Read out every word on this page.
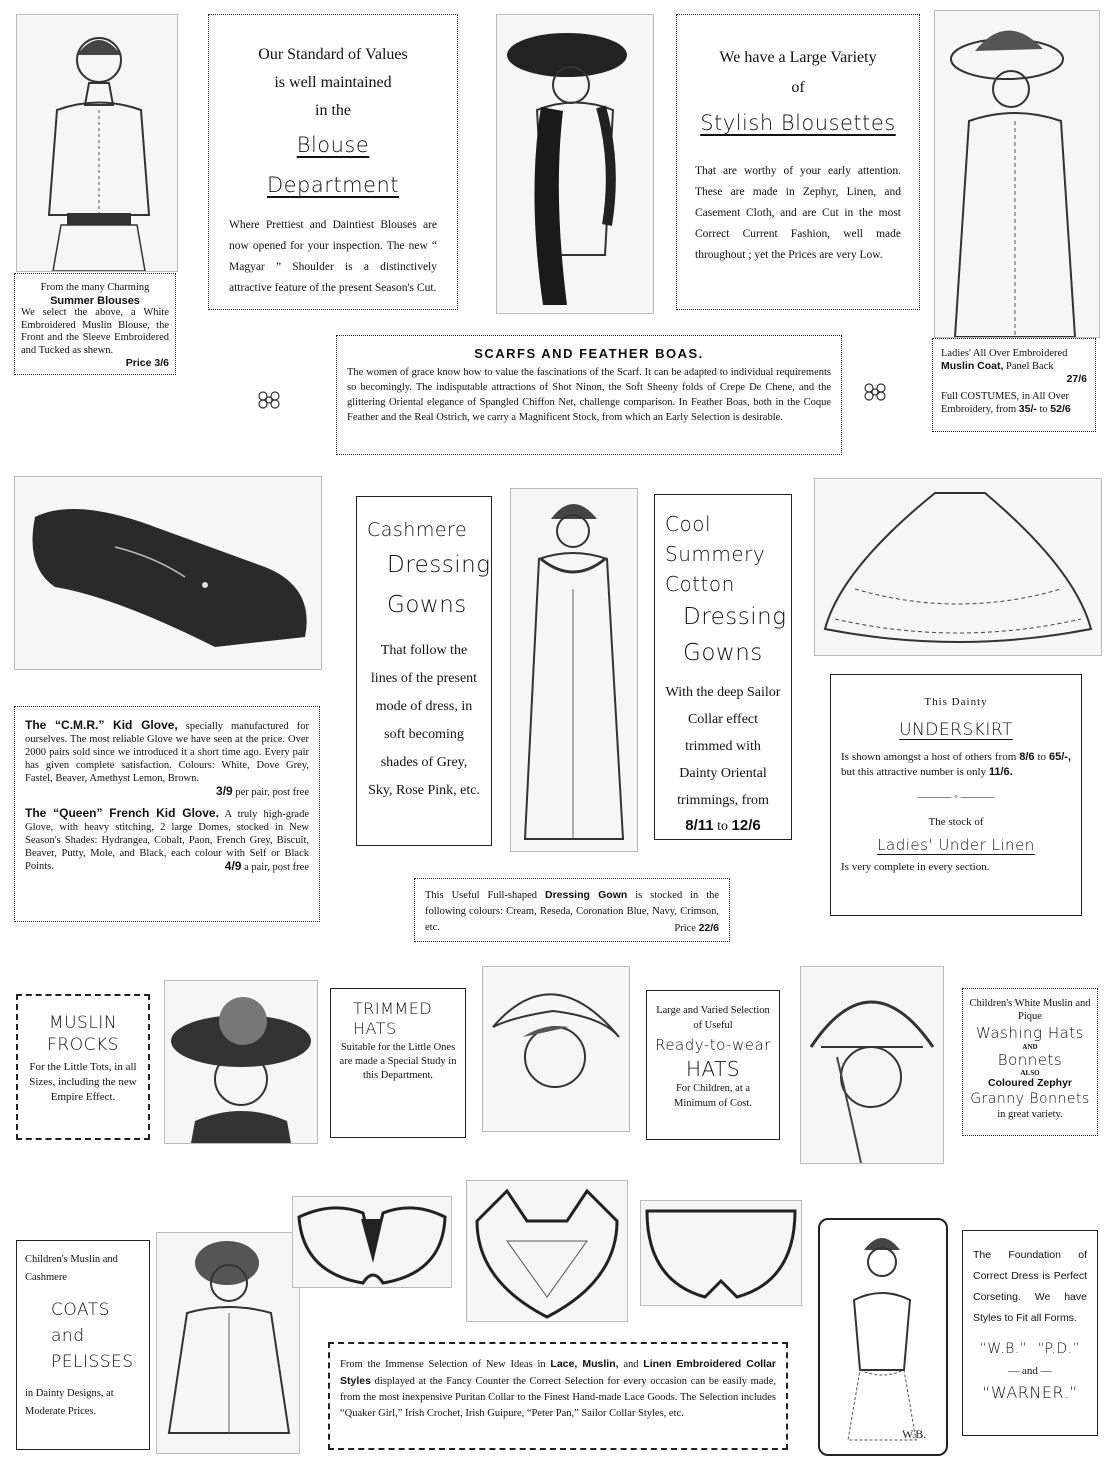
From the many Charming

Summer Blouses

We select the above, a White Embroidered Muslin Blouse, the Front and the Sleeve Embroidered and Tucked as shewn.

Price 3/6

Our Standard of Values

is well maintained

in the

Blouse Department

Where Prettiest and Daintiest Blouses are now opened for your inspection. The new “ Magyar ” Shoulder is a distinctively attractive feature of the present Season's Cut.

We have a Large Variety

of

Stylish Blousettes

That are worthy of your early attention. These are made in Zephyr, Linen, and Casement Cloth, and are Cut in the most Correct Current Fashion, well made throughout ; yet the Prices are very Low.

Ladies' All Over Embroidered

Muslin Coat, Panel Back

27/6

Full COSTUMES, in All Over Embroidery, from 35/- to 52/6

SCARFS AND FEATHER BOAS.

The women of grace know how to value the fascinations of the Scarf. It can be adapted to individual requirements so becomingly. The indisputable attractions of Shot Ninon, the Soft Sheeny folds of Crepe De Chene, and the glittering Oriental elegance of Spangled Chiffon Net, challenge comparison. In Feather Boas, both in the Coque Feather and the Real Ostrich, we carry a Magnificent Stock, from which an Early Selection is desirable.

The “C.M.R.” Kid Glove, specially manufactured for ourselves. The most reliable Glove we have seen at the price. Over 2000 pairs sold since we introduced it a short time ago. Every pair has given complete satisfaction. Colours: White, Dove Grey, Fastel, Beaver, Amethyst Lemon, Brown.

3/9 per pair, post free

The “Queen” French Kid Glove. A truly high-grade Glove, with heavy stitching, 2 large Domes, stocked in New Season's Shades: Hydrangea, Cobalt, Paon, French Grey, Biscuit, Beaver, Putty, Mole, and Black, each colour with Self or Black Points.	4/9 a pair, post free

Cashmere

Dressing

Gowns

That follow the lines of the present mode of dress, in soft becoming shades of Grey, Sky, Rose Pink, etc.

Cool

Summery

Cotton

Dressing

Gowns

With the deep Sailor Collar effect trimmed with Dainty Oriental trimmings, from

8/11 to 12/6

This Dainty

UNDERSKIRT

Is shown amongst a host of others from 8/6 to 65/-, but this attractive number is only 11/6.

——— ◦ ———

The stock of

Ladies' Under Linen

Is very complete in every section.

This Useful Full-shaped Dressing Gown is stocked in the following colours: Cream, Reseda, Coronation Blue, Navy, Crimson, etc.	Price 22/6

MUSLIN

FROCKS

For the Little Tots, in all Sizes, including the new Empire Effect.

TRIMMED

HATS

Suitable for the Little Ones are made a Special Study in this Department.

Large and Varied Selection of Useful

Ready-to-wear

HATS

For Children, at a Minimum of Cost.

Children's White Muslin and Pique

Washing Hats

AND

Bonnets

ALSO

Coloured Zephyr

Granny Bonnets

in great variety.

Children's Muslin and Cashmere

COATS

and

PELISSES

in Dainty Designs, at Moderate Prices.

From the Immense Selection of New Ideas in Lace, Muslin, and Linen Embroidered Collar Styles displayed at the Fancy Counter the Correct Selection for every occasion can be easily made, from the most inexpensive Puritan Collar to the Finest Hand-made Lace Goods. The Selection includes “Quaker Girl,” Irish Crochet, Irish Guipure, “Peter Pan,” Sailor Collar Styles, etc.

W.B.

The Foundation of Correct Dress is Perfect Corseting. We have Styles to Fit all Forms.

“W.B.” “P.D.”

— and —

“WARNER.”
